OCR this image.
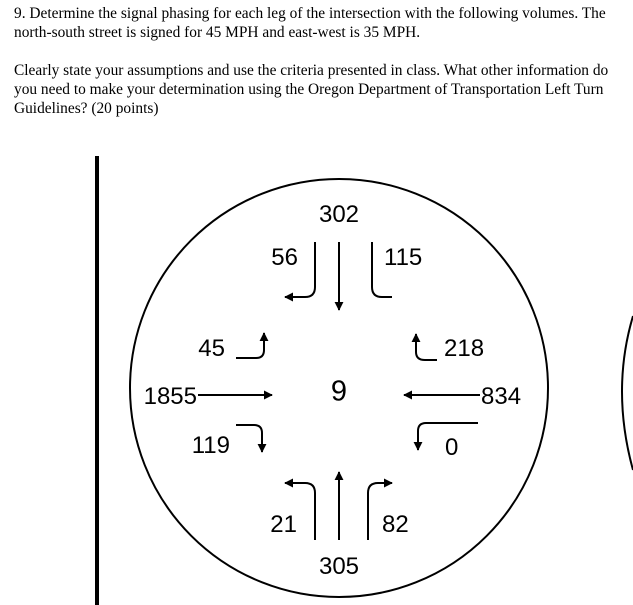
9. Determine the signal phasing for each leg of the intersection with the following volumes. The north-south street is signed for 45 MPH and east-west is 35 MPH.

Clearly state your assumptions and use the criteria presented in class. What other information do you need to make your determination using the Oregon Department of Transportation Left Turn Guidelines? (20 points)

9
302
56	115
21	82
305
45
1855
119
218
834
0
